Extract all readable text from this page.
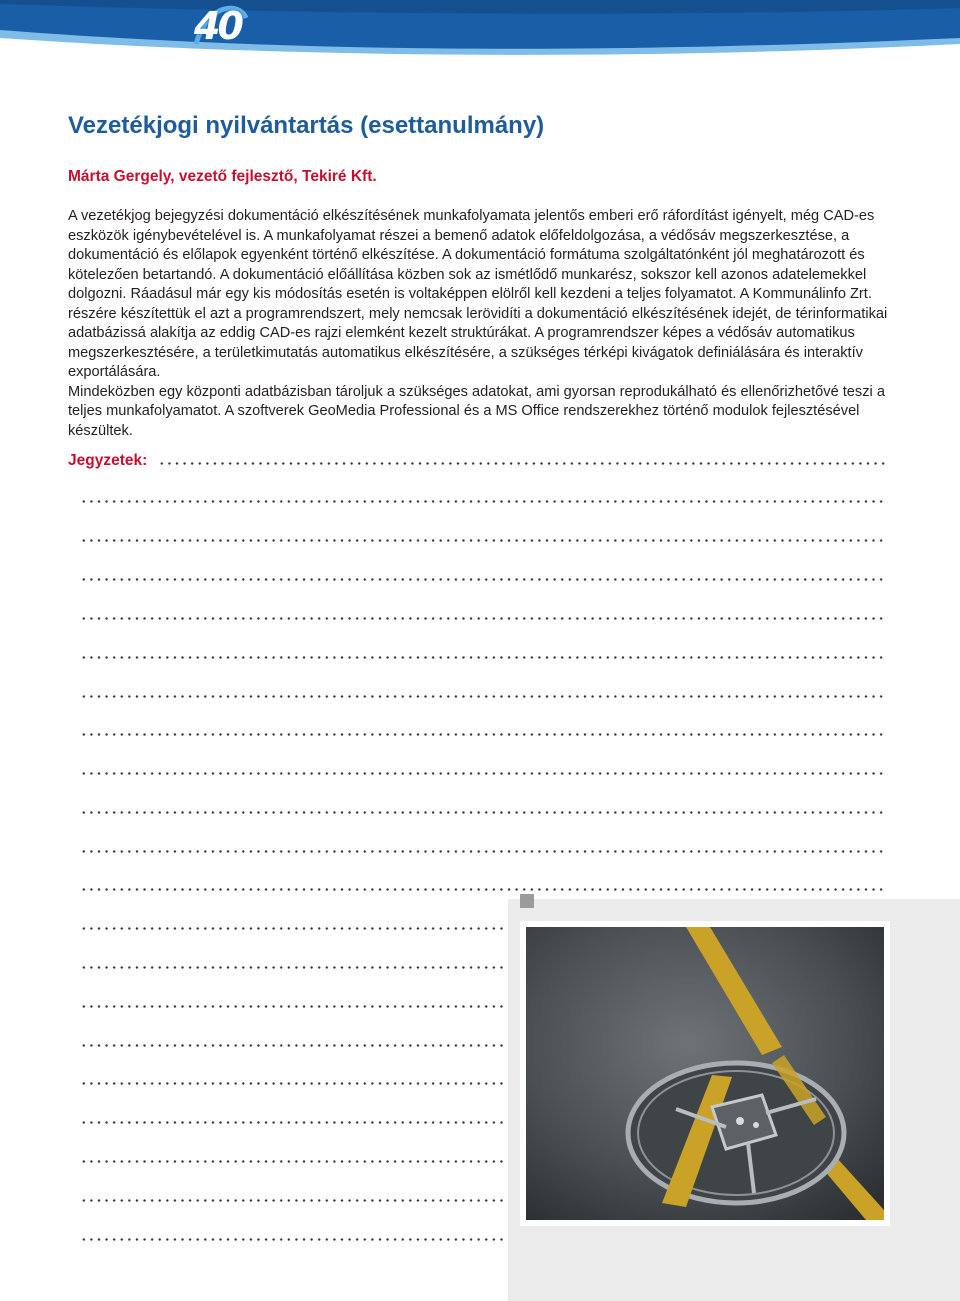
40
Vezetékjogi nyilvántartás (esettanulmány)
Márta Gergely, vezető fejlesztő, Tekiré Kft.

A vezetékjog bejegyzési dokumentáció elkészítésének munkafolyamata jelentős emberi erő ráfordítást igényelt, még CAD-es eszközök igénybevételével is. A munkafolyamat részei a bemenő adatok előfeldolgozása, a védősáv megszerkesztése, a dokumentáció és előlapok egyenként történő elkészítése. A dokumentáció formátuma szolgáltatónként jól meghatározott és kötelezően betartandó. A dokumentáció előállítása közben sok az ismétlődő munkarész, sokszor kell azonos adatelemekkel dolgozni. Ráadásul már egy kis módosítás esetén is voltaképpen elölről kell kezdeni a teljes folyamatot. A Kommunálinfo Zrt. részére készítettük el azt a programrendszert, mely nemcsak lerövidíti a dokumentáció elkészítésének idejét, de térinformatikai adatbázissá alakítja az eddig CAD-es rajzi elemként kezelt struktúrákat. A programrendszer képes a védősáv automatikus megszerkesztésére, a területkimutatás automatikus elkészítésére, a szükséges térképi kivágatok definiálására és interaktív exportálására.

Mindeközben egy központi adatbázisban tároljuk a szükséges adatokat, ami gyorsan reprodukálható és ellenőrizhetővé teszi a teljes munkafolyamatot. A szoftverek GeoMedia Professional és a MS Office rendszerekhez történő modulok fejlesztésével készültek.

Jegyzetek:
